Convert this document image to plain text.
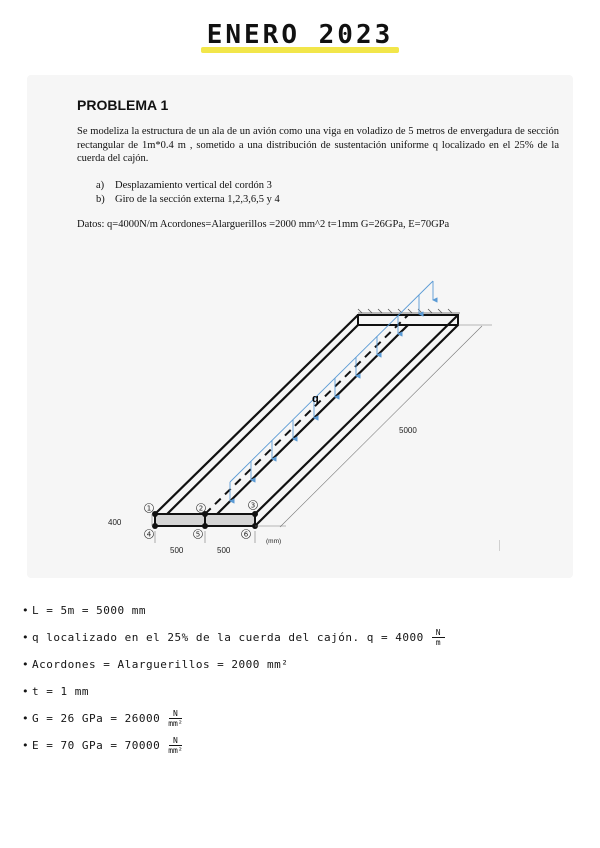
ENERO 2023
PROBLEMA 1
Se modeliza la estructura de un ala de un avión como una viga en voladizo de 5 metros de envergadura de sección rectangular de 1m*0.4 m , sometido a una distribución de sustentación uniforme q localizado en el 25% de la cuerda del cajón.
a) Desplazamiento vertical del cordón 3
b) Giro de la sección externa 1,2,3,6,5 y 4
Datos: q=4000N/m Acordones=Alarguerillos =2000 mm^2 t=1mm G=26GPa, E=70GPa
q
1	2	3
4	5	6
5000
400
500	500
(mm)
• L = 5m = 5000 mm
• q localizado en el 25% de la cuerda del cajón. $q = 4000 \frac{N}{m}$
• Acordones = Alarguerillos = 2000 mm²
• t = 1 mm
• G = 26 GPa = $26000 \frac{N}{\text{mm²}}$
• E = 70 GPa = $70000 \frac{N}{\text{mm²}}$
